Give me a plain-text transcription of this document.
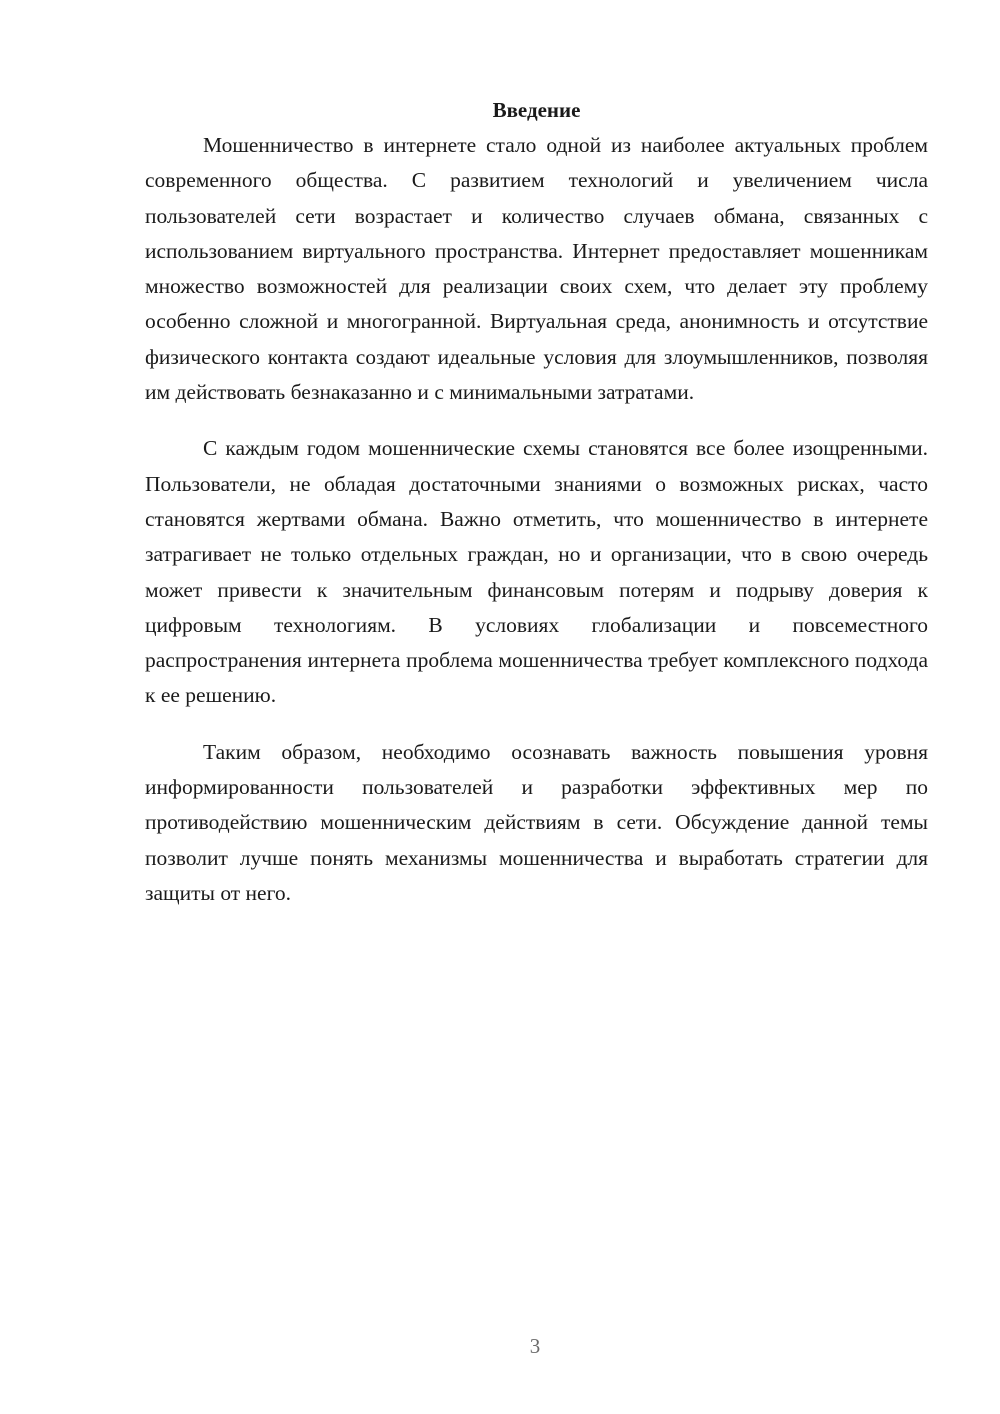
Введение

Мошенничество в интернете стало одной из наиболее актуальных проблем современного общества. С развитием технологий и увеличением числа пользователей сети возрастает и количество случаев обмана, связанных с использованием виртуального пространства. Интернет предоставляет мошенникам множество возможностей для реализации своих схем, что делает эту проблему особенно сложной и многогранной. Виртуальная среда, анонимность и отсутствие физического контакта создают идеальные условия для злоумышленников, позволяя им действовать безнаказанно и с минимальными затратами.

С каждым годом мошеннические схемы становятся все более изощренными. Пользователи, не обладая достаточными знаниями о возможных рисках, часто становятся жертвами обмана. Важно отметить, что мошенничество в интернете затрагивает не только отдельных граждан, но и организации, что в свою очередь может привести к значительным финансовым потерям и подрыву доверия к цифровым технологиям. В условиях глобализации и повсеместного распространения интернета проблема мошенничества требует комплексного подхода к ее решению.

Таким образом, необходимо осознавать важность повышения уровня информированности пользователей и разработки эффективных мер по противодействию мошенническим действиям в сети. Обсуждение данной темы позволит лучше понять механизмы мошенничества и выработать стратегии для защиты от него.

3
